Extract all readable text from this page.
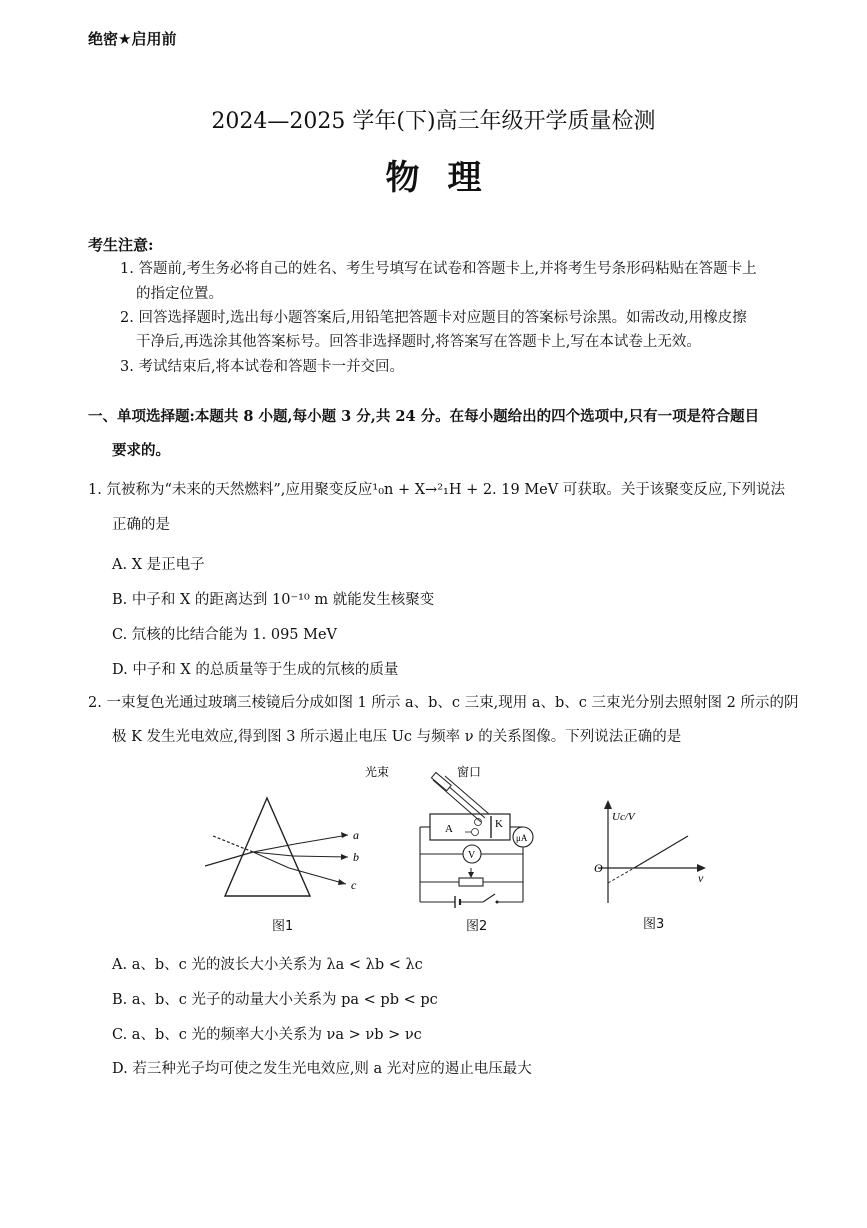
绝密★启用前
2024—2025 学年(下)高三年级开学质量检测
物理
考生注意:
1. 答题前,考生务必将自己的姓名、考生号填写在试卷和答题卡上,并将考生号条形码粘贴在答题卡上
的指定位置。
2. 回答选择题时,选出每小题答案后,用铅笔把答题卡对应题目的答案标号涂黑。如需改动,用橡皮擦
干净后,再选涂其他答案标号。回答非选择题时,将答案写在答题卡上,写在本试卷上无效。
3. 考试结束后,将本试卷和答题卡一并交回。
一、单项选择题:本题共 8 小题,每小题 3 分,共 24 分。在每小题给出的四个选项中,只有一项是符合题目
要求的。
1. 氘被称为“未来的天然燃料”,应用聚变反应¹₀n + X→²₁H + 2. 19 MeV 可获取。关于该聚变反应,下列说法
正确的是
A. X 是正电子
B. 中子和 X 的距离达到 10⁻¹⁰ m 就能发生核聚变
C. 氘核的比结合能为 1. 095 MeV
D. 中子和 X 的总质量等于生成的氘核的质量
2. 一束复色光通过玻璃三棱镜后分成如图 1 所示 a、b、c 三束,现用 a、b、c 三束光分别去照射图 2 所示的阴
极 K 发生光电效应,得到图 3 所示遏止电压 Uc 与频率 ν 的关系图像。下列说法正确的是
a
b
c
图1
光束	窗口
A	K
μA
V
图2
Uc/V
ν
O
图3
A. a、b、c 光的波长大小关系为 λa < λb < λc
B. a、b、c 光子的动量大小关系为 pa < pb < pc
C. a、b、c 光的频率大小关系为 νa > νb > νc
D. 若三种光子均可使之发生光电效应,则 a 光对应的遏止电压最大
